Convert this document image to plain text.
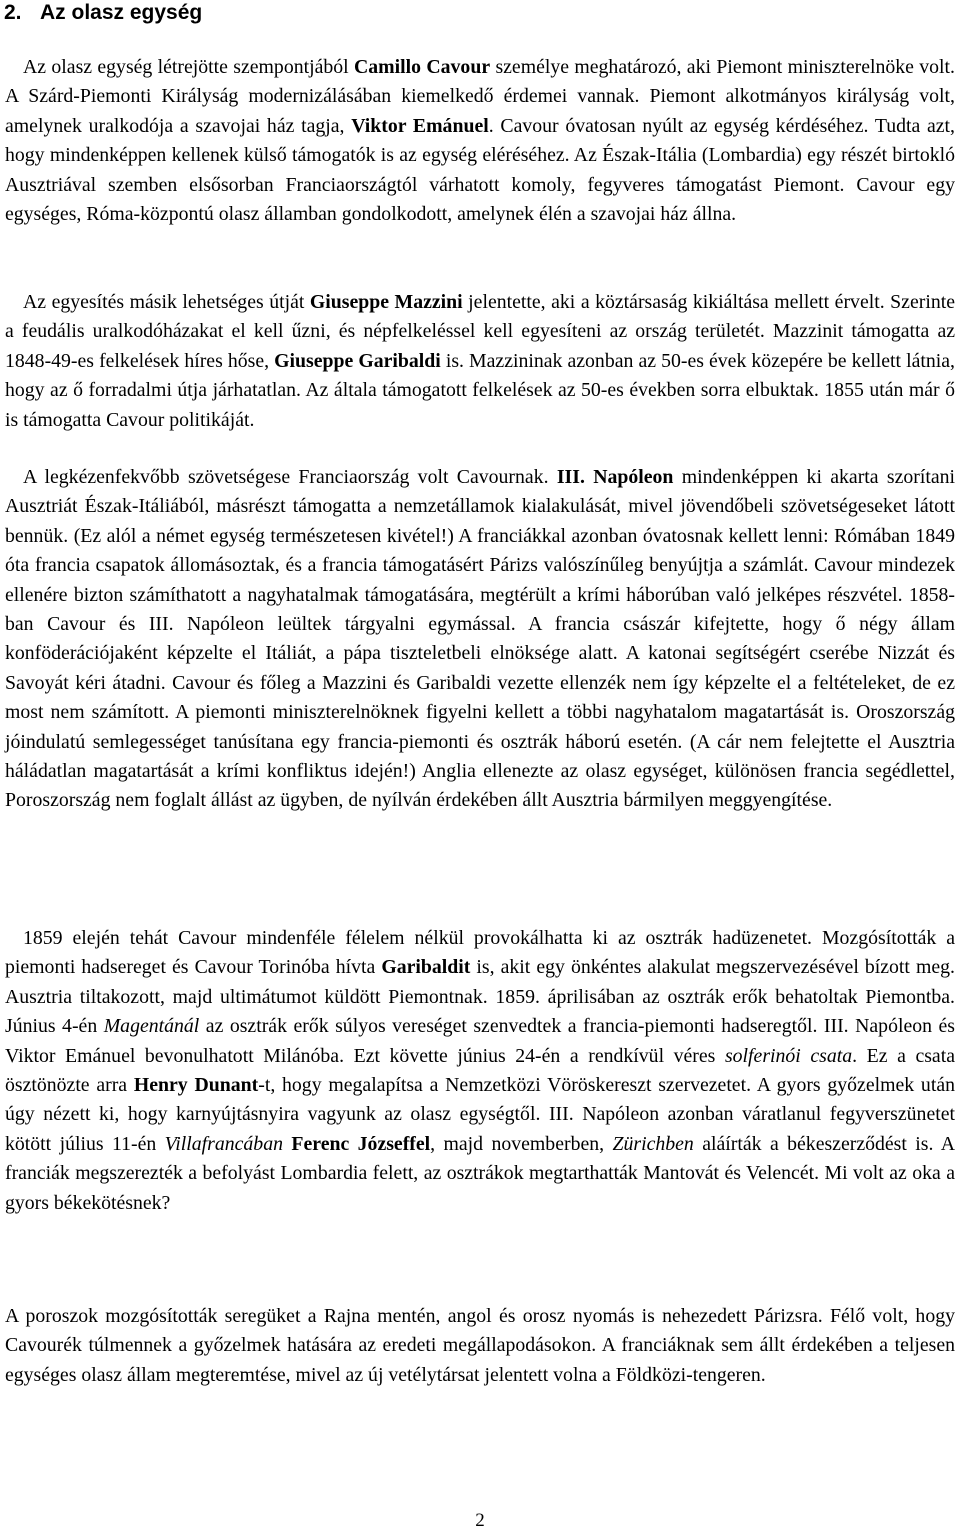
2. Az olasz egység
Az olasz egység létrejötte szempontjából Camillo Cavour személye meghatározó, aki Piemont miniszterelnöke volt. A Szárd-Piemonti Királyság modernizálásában kiemelkedő érdemei vannak. Piemont alkotmányos királyság volt, amelynek uralkodója a szavojai ház tagja, Viktor Emánuel. Cavour óvatosan nyúlt az egység kérdéséhez. Tudta azt, hogy mindenképpen kellenek külső támogatók is az egység eléréséhez. Az Észak-Itália (Lombardia) egy részét birtokló Ausztriával szemben elsősorban Franciaországtól várhatott komoly, fegyveres támogatást Piemont. Cavour egy egységes, Róma-központú olasz államban gondolkodott, amelynek élén a szavojai ház állna.
Az egyesítés másik lehetséges útját Giuseppe Mazzini jelentette, aki a köztársaság kikiáltása mellett érvelt. Szerinte a feudális uralkodóházakat el kell űzni, és népfelkeléssel kell egyesíteni az ország területét. Mazzinit támogatta az 1848-49-es felkelések híres hőse, Giuseppe Garibaldi is. Mazzininak azonban az 50-es évek közepére be kellett látnia, hogy az ő forradalmi útja járhatatlan. Az általa támogatott felkelések az 50-es években sorra elbuktak. 1855 után már ő is támogatta Cavour politikáját.
A legkézenfekvőbb szövetségese Franciaország volt Cavournak. III. Napóleon mindenképpen ki akarta szorítani Ausztriát Észak-Itáliából, másrészt támogatta a nemzetállamok kialakulását, mivel jövendőbeli szövetségeseket látott bennük. (Ez alól a német egység természetesen kivétel!) A franciákkal azonban óvatosnak kellett lenni: Rómában 1849 óta francia csapatok állomásoztak, és a francia támogatásért Párizs valószínűleg benyújtja a számlát. Cavour mindezek ellenére bizton számíthatott a nagyhatalmak támogatására, megtérült a krími háborúban való jelképes részvétel. 1858-ban Cavour és III. Napóleon leültek tárgyalni egymással. A francia császár kifejtette, hogy ő négy állam konföderációjaként képzelte el Itáliát, a pápa tiszteletbeli elnöksége alatt. A katonai segítségért cserébe Nizzát és Savoyát kéri átadni. Cavour és főleg a Mazzini és Garibaldi vezette ellenzék nem így képzelte el a feltételeket, de ez most nem számított. A piemonti miniszterelnöknek figyelni kellett a többi nagyhatalom magatartását is. Oroszország jóindulatú semlegességet tanúsítana egy francia-piemonti és osztrák háború esetén. (A cár nem felejtette el Ausztria háládatlan magatartását a krími konfliktus idején!) Anglia ellenezte az olasz egységet, különösen francia segédlettel, Poroszország nem foglalt állást az ügyben, de nyílván érdekében állt Ausztria bármilyen meggyengítése.
1859 elején tehát Cavour mindenféle félelem nélkül provokálhatta ki az osztrák hadüzenetet. Mozgósították a piemonti hadsereget és Cavour Torinóba hívta Garibaldit is, akit egy önkéntes alakulat megszervezésével bízott meg. Ausztria tiltakozott, majd ultimátumot küldött Piemontnak. 1859. áprilisában az osztrák erők behatoltak Piemontba. Június 4-én Magentánál az osztrák erők súlyos vereséget szenvedtek a francia-piemonti hadseregtől. III. Napóleon és Viktor Emánuel bevonulhatott Milánóba. Ezt követte június 24-én a rendkívül véres solferinói csata. Ez a csata ösztönözte arra Henry Dunant-t, hogy megalapítsa a Nemzetközi Vöröskereszt szervezetet. A gyors győzelmek után úgy nézett ki, hogy karnyújtásnyira vagyunk az olasz egységtől. III. Napóleon azonban váratlanul fegyverszünetet kötött július 11-én Villafrancában Ferenc Józseffel, majd novemberben, Zürichben aláírták a békeszerződést is. A franciák megszerezték a befolyást Lombardia felett, az osztrákok megtarthatták Mantovát és Velencét. Mi volt az oka a gyors békekötésnek?
A poroszok mozgósították seregüket a Rajna mentén, angol és orosz nyomás is nehezedett Párizsra. Félő volt, hogy Cavourék túlmennek a győzelmek hatására az eredeti megállapodásokon. A franciáknak sem állt érdekében a teljesen egységes olasz állam megteremtése, mivel az új vetélytársat jelentett volna a Földközi-tengeren.
2
